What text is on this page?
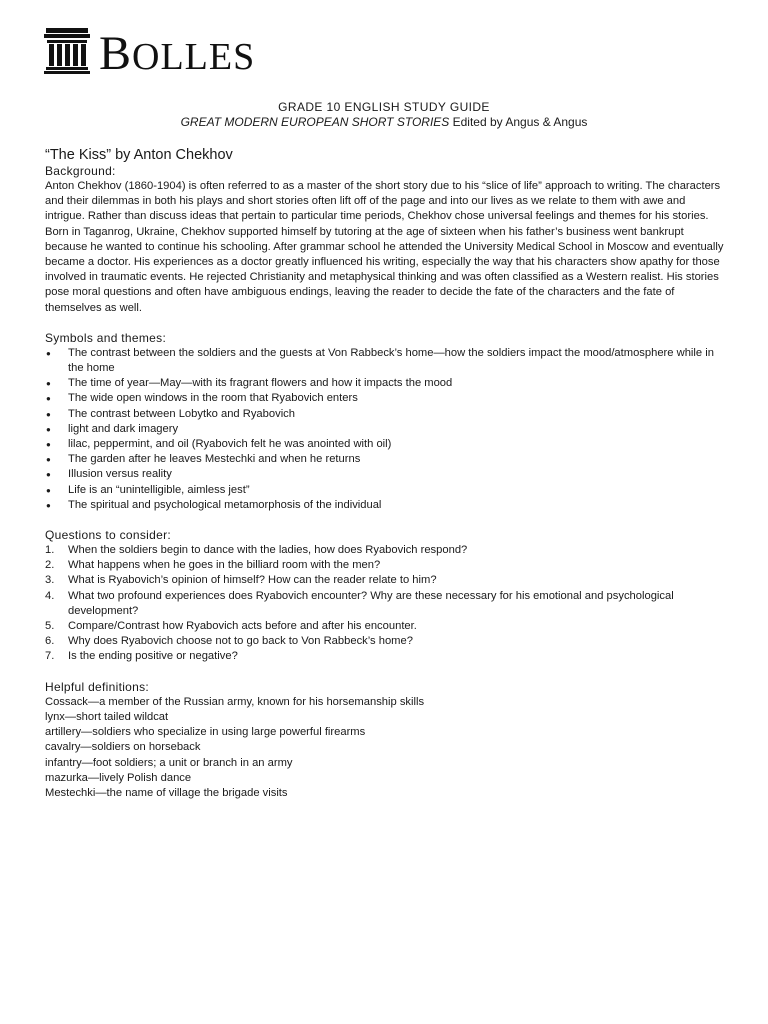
BOLLES
GRADE 10 ENGLISH STUDY GUIDE
GREAT MODERN EUROPEAN SHORT STORIES Edited by Angus & Angus
“The Kiss” by Anton Chekhov
Background:

Anton Chekhov (1860-1904) is often referred to as a master of the short story due to his “slice of life” approach to writing. The characters and their dilemmas in both his plays and short stories often lift off of the page and into our lives as we relate to them with awe and intrigue. Rather than discuss ideas that pertain to particular time periods, Chekhov chose universal feelings and themes for his stories. Born in Taganrog, Ukraine, Chekhov supported himself by tutoring at the age of sixteen when his father’s business went bankrupt because he wanted to continue his schooling. After grammar school he attended the University Medical School in Moscow and eventually became a doctor. His experiences as a doctor greatly influenced his writing, especially the way that his characters show apathy for those involved in traumatic events. He rejected Christianity and metaphysical thinking and was often classified as a Western realist. His stories pose moral questions and often have ambiguous endings, leaving the reader to decide the fate of the characters and the fate of themselves as well.

Symbols and themes:
● The contrast between the soldiers and the guests at Von Rabbeck’s home—how the soldiers impact the mood/atmosphere while in the home
● The time of year—May—with its fragrant flowers and how it impacts the mood
● The wide open windows in the room that Ryabovich enters
● The contrast between Lobytko and Ryabovich
● light and dark imagery
● lilac, peppermint, and oil (Ryabovich felt he was anointed with oil)
● The garden after he leaves Mestechki and when he returns
● Illusion versus reality
● Life is an “unintelligible, aimless jest”
● The spiritual and psychological metamorphosis of the individual
Questions to consider:
1. When the soldiers begin to dance with the ladies, how does Ryabovich respond?
2. What happens when he goes in the billiard room with the men?
3. What is Ryabovich’s opinion of himself? How can the reader relate to him?
4. What two profound experiences does Ryabovich encounter? Why are these necessary for his emotional and psychological development?
5. Compare/Contrast how Ryabovich acts before and after his encounter.
6. Why does Ryabovich choose not to go back to Von Rabbeck’s home?
7. Is the ending positive or negative?
Helpful definitions:
Cossack—a member of the Russian army, known for his horsemanship skills
lynx—short tailed wildcat
artillery—soldiers who specialize in using large powerful firearms
cavalry—soldiers on horseback
infantry—foot soldiers; a unit or branch in an army
mazurka—lively Polish dance
Mestechki—the name of village the brigade visits
